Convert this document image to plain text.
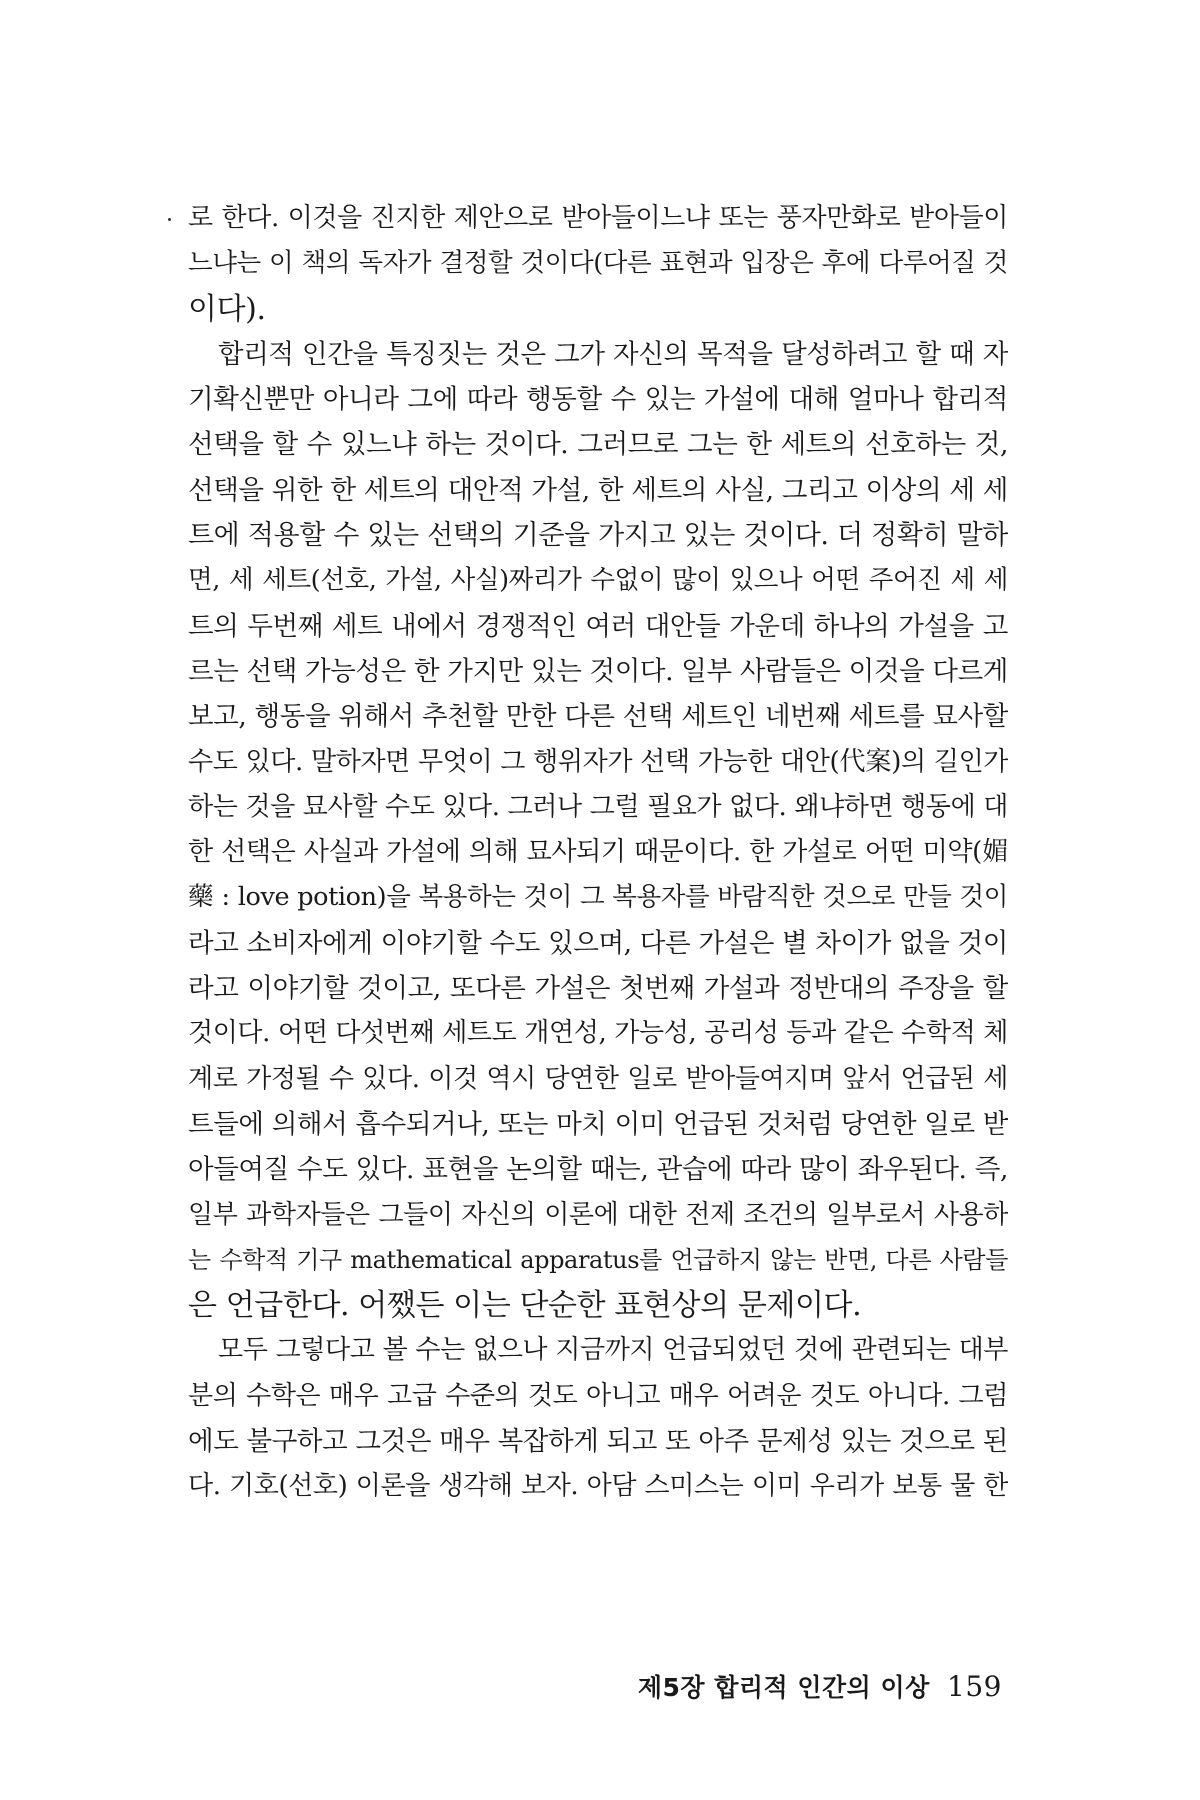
로 한다. 이것을 진지한 제안으로 받아들이느냐 또는 풍자만화로 받아들이
느냐는 이 책의 독자가 결정할 것이다(다른 표현과 입장은 후에 다루어질 것
이다).
합리적 인간을 특징짓는 것은 그가 자신의 목적을 달성하려고 할 때 자
기확신뿐만 아니라 그에 따라 행동할 수 있는 가설에 대해 얼마나 합리적
선택을 할 수 있느냐 하는 것이다. 그러므로 그는 한 세트의 선호하는 것,
선택을 위한 한 세트의 대안적 가설, 한 세트의 사실, 그리고 이상의 세 세
트에 적용할 수 있는 선택의 기준을 가지고 있는 것이다. 더 정확히 말하
면, 세 세트(선호, 가설, 사실)짜리가 수없이 많이 있으나 어떤 주어진 세 세
트의 두번째 세트 내에서 경쟁적인 여러 대안들 가운데 하나의 가설을 고
르는 선택 가능성은 한 가지만 있는 것이다. 일부 사람들은 이것을 다르게
보고, 행동을 위해서 추천할 만한 다른 선택 세트인 네번째 세트를 묘사할
수도 있다. 말하자면 무엇이 그 행위자가 선택 가능한 대안(代案)의 길인가
하는 것을 묘사할 수도 있다. 그러나 그럴 필요가 없다. 왜냐하면 행동에 대
한 선택은 사실과 가설에 의해 묘사되기 때문이다. 한 가설로 어떤 미약(媚
藥 : love potion)을 복용하는 것이 그 복용자를 바람직한 것으로 만들 것이
라고 소비자에게 이야기할 수도 있으며, 다른 가설은 별 차이가 없을 것이
라고 이야기할 것이고, 또다른 가설은 첫번째 가설과 정반대의 주장을 할
것이다. 어떤 다섯번째 세트도 개연성, 가능성, 공리성 등과 같은 수학적 체
계로 가정될 수 있다. 이것 역시 당연한 일로 받아들여지며 앞서 언급된 세
트들에 의해서 흡수되거나, 또는 마치 이미 언급된 것처럼 당연한 일로 받
아들여질 수도 있다. 표현을 논의할 때는, 관습에 따라 많이 좌우된다. 즉,
일부 과학자들은 그들이 자신의 이론에 대한 전제 조건의 일부로서 사용하
는 수학적 기구 mathematical apparatus를 언급하지 않는 반면, 다른 사람들
은 언급한다. 어쨌든 이는 단순한 표현상의 문제이다.
모두 그렇다고 볼 수는 없으나 지금까지 언급되었던 것에 관련되는 대부
분의 수학은 매우 고급 수준의 것도 아니고 매우 어려운 것도 아니다. 그럼
에도 불구하고 그것은 매우 복잡하게 되고 또 아주 문제성 있는 것으로 된
다. 기호(선호) 이론을 생각해 보자. 아담 스미스는 이미 우리가 보통 물 한
제5장 합리적 인간의 이상 159
